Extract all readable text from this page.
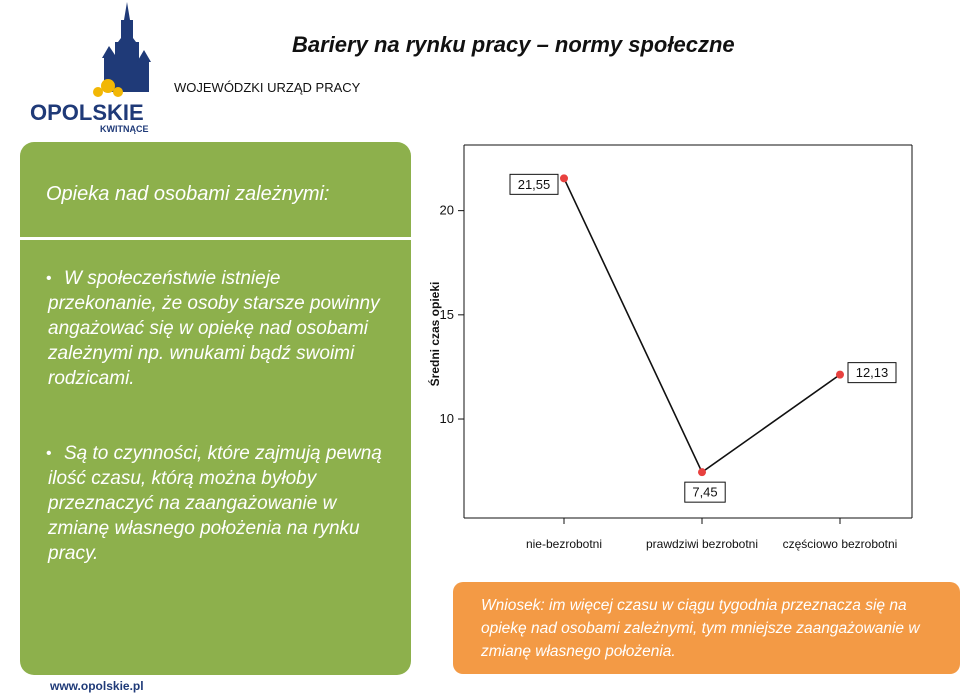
OPOLSKIE
KWITNĄCE
Bariery na rynku pracy – normy społeczne
WOJEWÓDZKI URZĄD PRACY
Opieka nad osobami zależnymi:
• W społeczeństwie istnieje przekonanie, że osoby starsze powinny angażować się w opiekę nad osobami zależnymi np. wnukami bądź swoimi rodzicami.
• Są to czynności, które zajmują pewną ilość czasu, którą można byłoby przeznaczyć na zaangażowanie w zmianę własnego położenia na rynku pracy.
Średni czas opieki
10
15
20
nie-bezrobotni	prawdziwi bezrobotni częściowo bezrobotni
21,55
7,45
12,13
Wniosek: im więcej czasu w ciągu tygodnia przeznacza się na opiekę nad osobami zależnymi, tym mniejsze zaangażowanie w zmianę własnego położenia.
www.opolskie.pl
